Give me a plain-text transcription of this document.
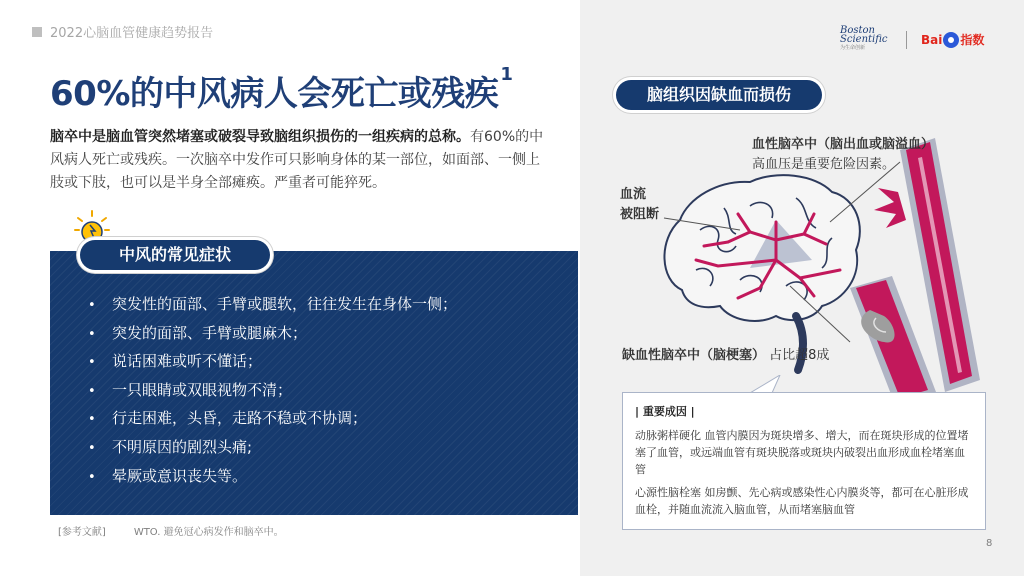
2022心脑血管健康趋势报告	Boston
Scientific
为生命创新
Bai 指数
60%的中风病人会死亡或残疾 $^1$
脑卒中是脑血管突然堵塞或破裂导致脑组织损伤的一组疾病的总称。有60%的中风病人死亡或残疾。一次脑卒中发作可只影响身体的某一部位，如面部、一侧上肢或下肢，也可以是半身全部瘫痪。严重者可能猝死。
中风的常见症状
• 突发性的面部、手臂或腿软，往往发生在身体一侧；
• 突发的面部、手臂或腿麻木；
• 说话困难或听不懂话；
• 一只眼睛或双眼视物不清；
• 行走困难，头昏，走路不稳或不协调；
• 不明原因的剧烈头痛;
• 晕厥或意识丧失等。
[参考文献]	WTO. 避免冠心病发作和脑卒中。
脑组织因缺血而损伤
血性脑卒中（脑出血或脑溢血）
高血压是重要危险因素。
血流
被阻断
缺血性脑卒中（脑梗塞） 占比超8成
| 重要成因 |

动脉粥样硬化 血管内膜因为斑块增多、增大，而在斑块形成的位置堵塞了血管，或远端血管有斑块脱落或斑块内破裂出血形成血栓堵塞血管

心源性脑栓塞 如房颤、先心病或感染性心内膜炎等，都可在心脏形成血栓，并随血流流入脑血管，从而堵塞脑血管

8
